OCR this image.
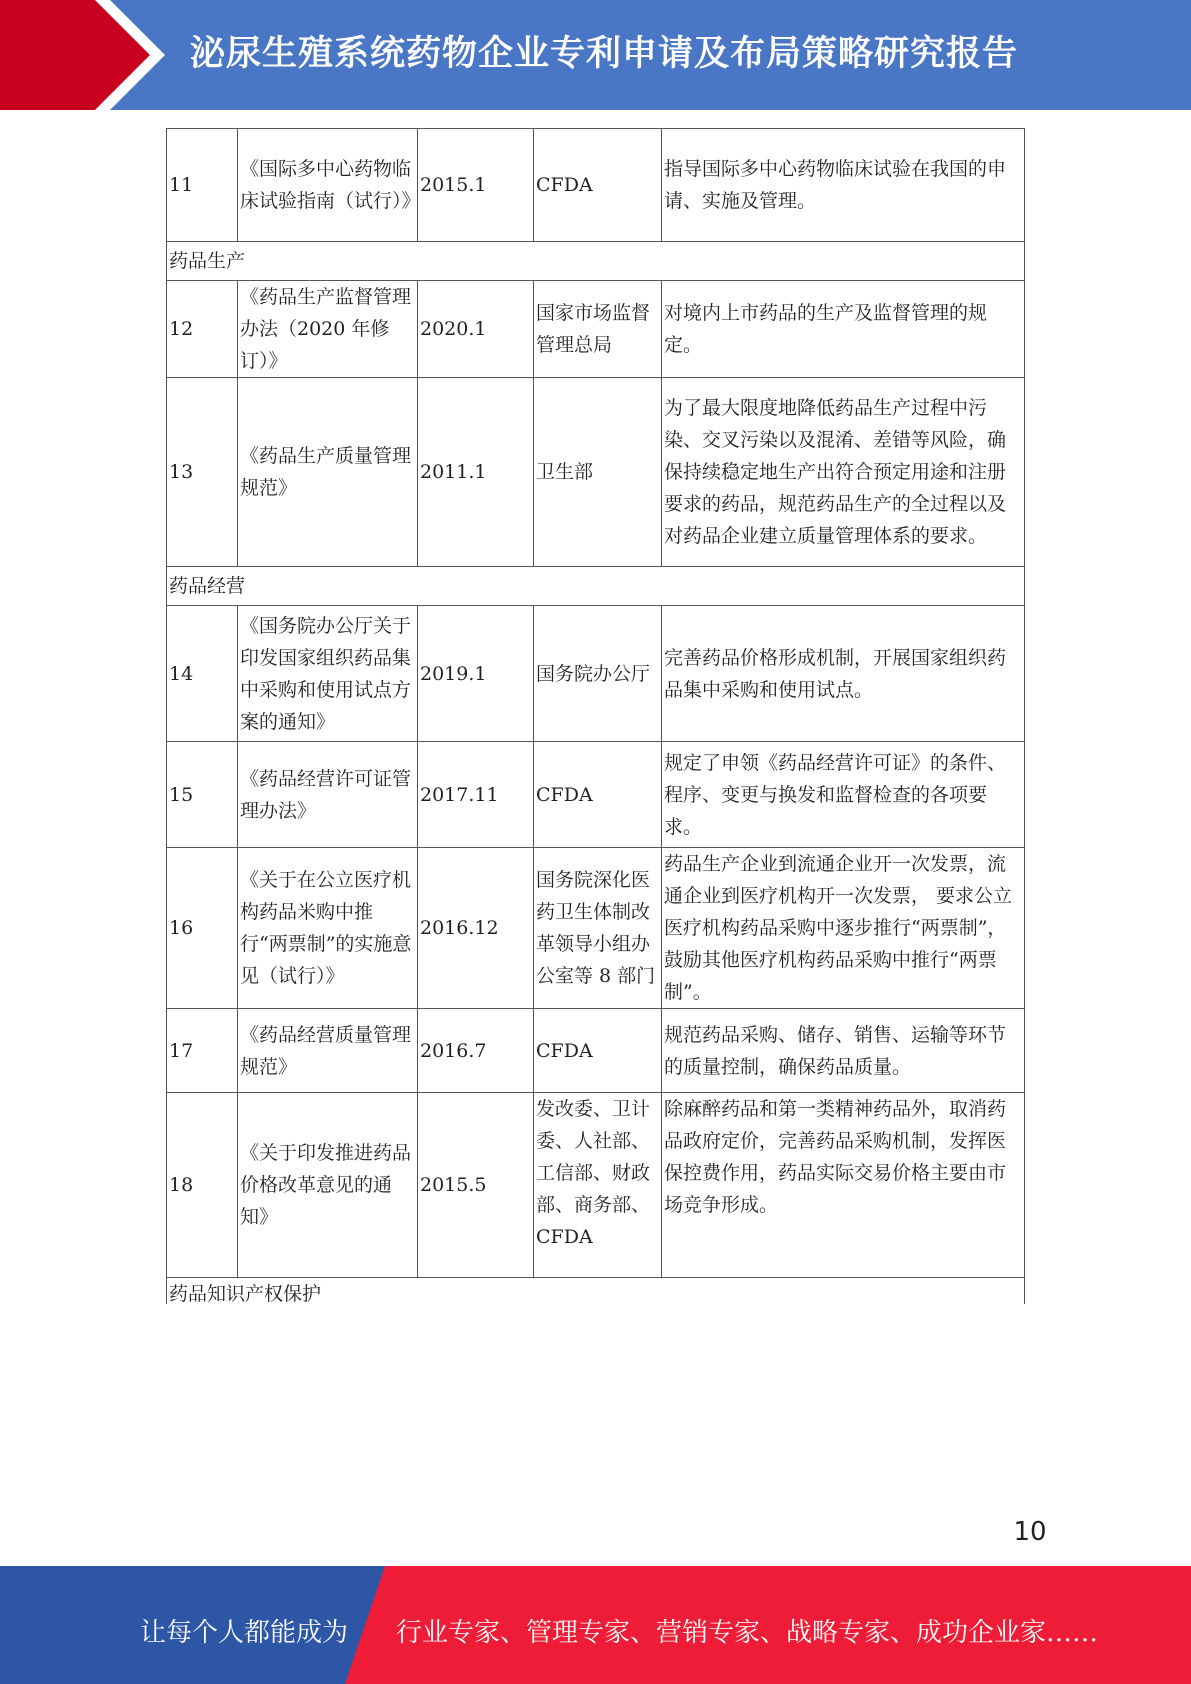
泌尿生殖系统药物企业专利申请及布局策略研究报告
11	《国际多中心药物临床试验指南（试行）》	2015.1	CFDA	指导国际多中心药物临床试验在我国的申请、实施及管理。
药品生产				
12	《药品生产监督管理办法（2020 年修订）》	2020.1	国家市场监督管理总局	对境内上市药品的生产及监督管理的规定。
13	《药品生产质量管理规范》	2011.1	卫生部	为了最大限度地降低药品生产过程中污染、交叉污染以及混淆、差错等风险，确保持续稳定地生产出符合预定用途和注册要求的药品，规范药品生产的全过程以及对药品企业建立质量管理体系的要求。
药品经营				
14	《国务院办公厅关于印发国家组织药品集中采购和使用试点方案的通知》	2019.1	国务院办公厅	完善药品价格形成机制，开展国家组织药品集中采购和使用试点。
15	《药品经营许可证管理办法》	2017.11	CFDA	规定了申领《药品经营许可证》的条件、程序、变更与换发和监督检查的各项要求。
16	《关于在公立医疗机构药品米购中推行“两票制”的实施意见（试行）》	2016.12	国务院深化医药卫生体制改革领导小组办公室等 8 部门	药品生产企业到流通企业开一次发票，流通企业到医疗机构开一次发票， 要求公立医疗机构药品采购中逐步推行“两票制”，鼓励其他医疗机构药品采购中推行“两票制”。
17	《药品经营质量管理规范》	2016.7	CFDA	规范药品采购、储存、销售、运输等环节的质量控制，确保药品质量。
18	《关于印发推进药品价格改革意见的通知》	2015.5	发改委、卫计委、人社部、工信部、财政部、商务部、CFDA	除麻醉药品和第一类精神药品外，取消药品政府定价，完善药品采购机制，发挥医保控费作用，药品实际交易价格主要由市场竞争形成。
药品知识产权保护				
10
让每个人都能成为 行业专家、管理专家、营销专家、战略专家、成功企业家……
